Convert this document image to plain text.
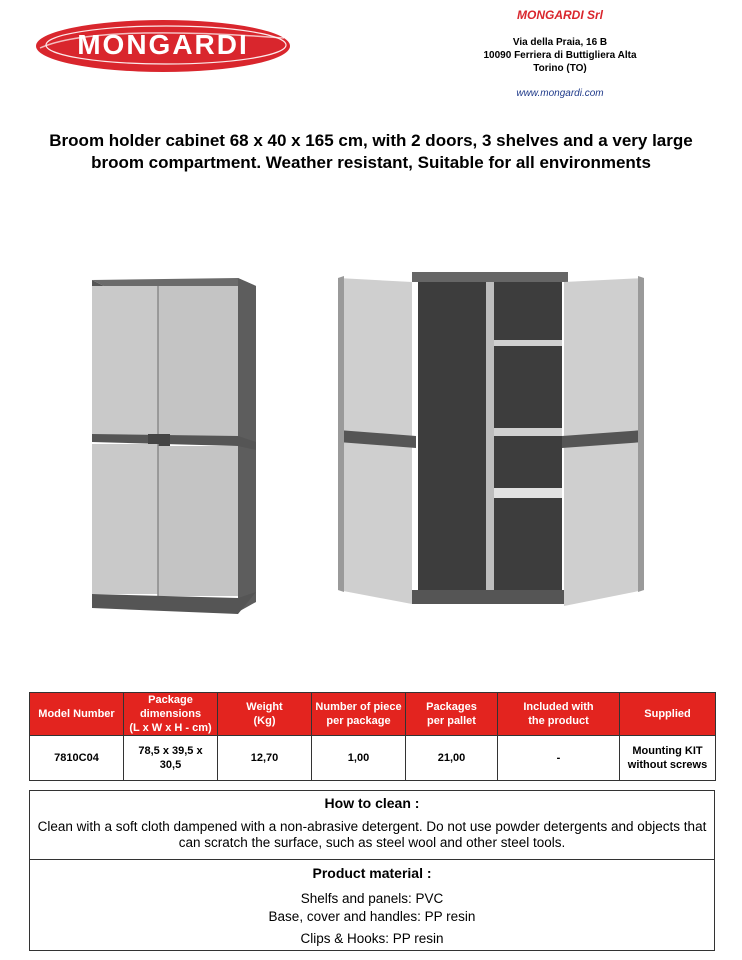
MONGARDI
MONGARDI Srl
Via della Praia, 16 B
10090 Ferriera di Buttigliera Alta
Torino (TO)
www.mongardi.com
Broom holder cabinet 68 x 40 x 165 cm, with 2 doors, 3 shelves and a very large
broom compartment. Weather resistant, Suitable for all environments
Model Number	Package
dimensions
(L x W x H - cm)	Weight
(Kg)	Number of piece
per package	Packages
per pallet	Included with
the product	Supplied
7810C04	78,5 x 39,5 x
30,5	12,70	1,00	21,00	-	Mounting KIT
without screws
How to clean :

Clean with a soft cloth dampened with a non-abrasive detergent. Do not use powder detergents and objects that can scratch the surface, such as steel wool and other steel tools.

Product material :
Shelfs and panels: PVC
Base, cover and handles: PP resin
Clips & Hooks: PP resin
